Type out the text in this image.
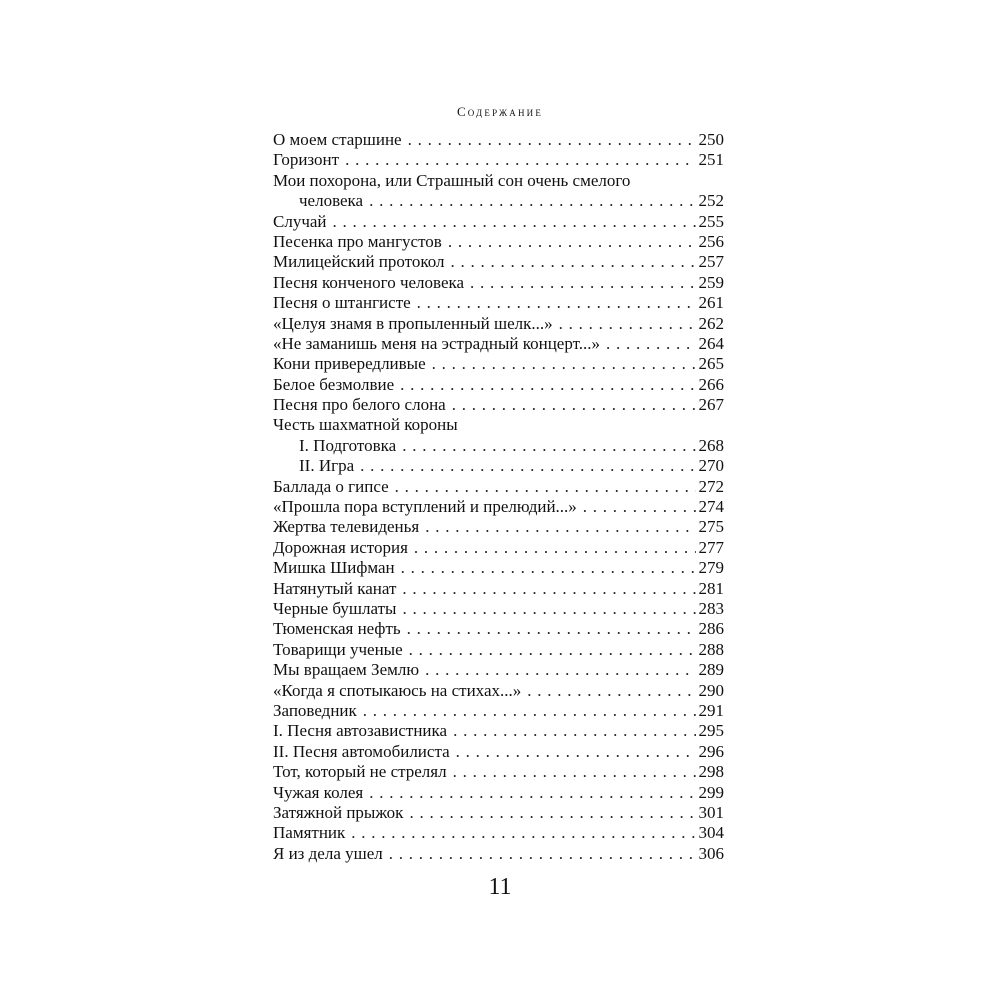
Содержание
О моем старшине . . .	250
Горизонт . . .	251
Мои похорона, или Страшный сон очень смелого
человека . . .	252
Случай . . .	255
Песенка про мангустов . . .	256
Милицейский протокол . . .	257
Песня конченого человека . . .	259
Песня о штангисте . . .	261
«Целуя знамя в пропыленный шелк...» . . .	262
«Не заманишь меня на эстрадный концерт...» . . .	264
Кони привередливые . . .	265
Белое безмолвие . . .	266
Песня про белого слона . . .	267
Честь шахматной короны
I. Подготовка . . .	268
II. Игра . . .	270
Баллада о гипсе . . .	272
«Прошла пора вступлений и прелюдий...» . . .	274
Жертва телевиденья . . .	275
Дорожная история . . .	277
Мишка Шифман . . .	279
Натянутый канат . . .	281
Черные бушлаты . . .	283
Тюменская нефть . . .	286
Товарищи ученые . . .	288
Мы вращаем Землю . . .	289
«Когда я спотыкаюсь на стихах...» . . .	290
Заповедник . . .	291
I. Песня автозавистника . . .	295
II. Песня автомобилиста . . .	296
Тот, который не стрелял . . .	298
Чужая колея . . .	299
Затяжной прыжок . . .	301
Памятник . . .	304
Я из дела ушел . . .	306
11
